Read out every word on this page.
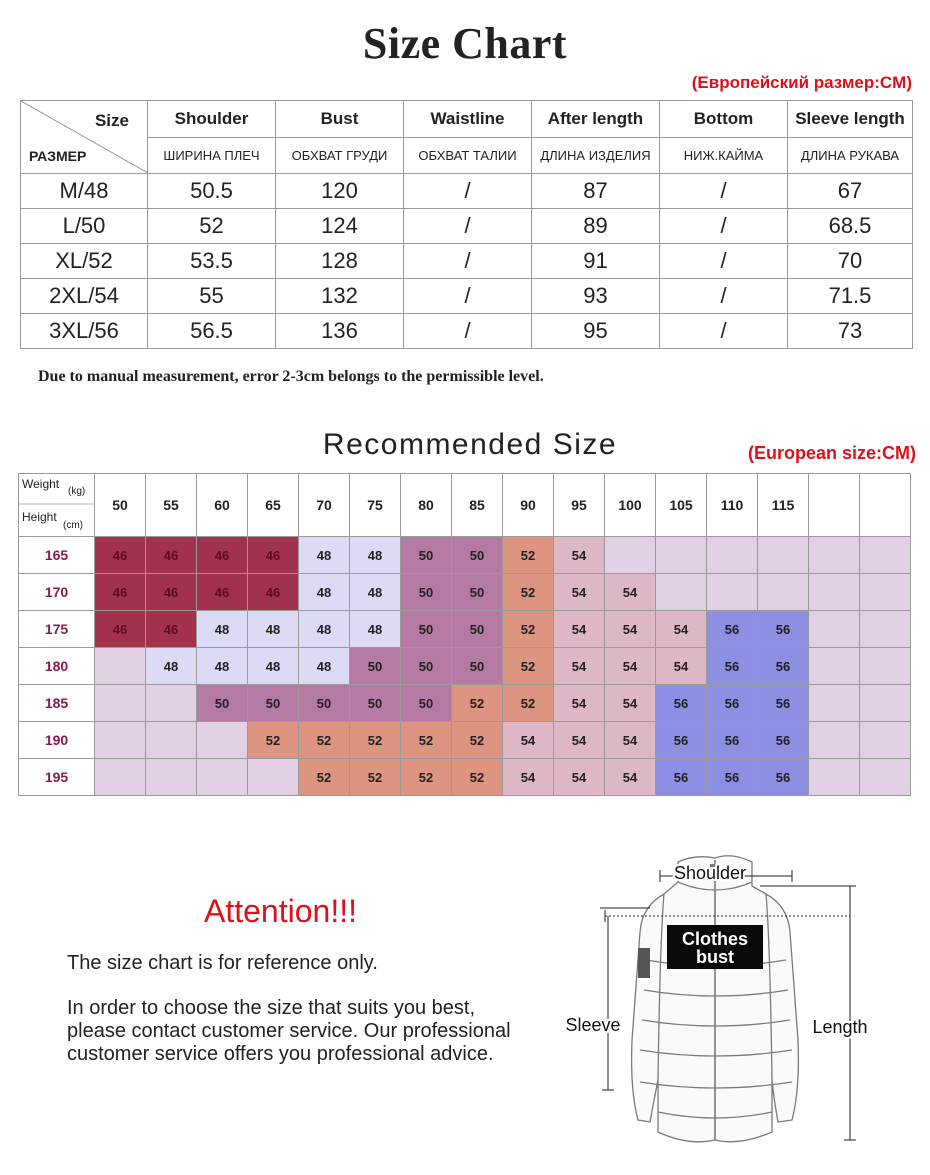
Size Chart
(Европейский размер:CM)
Size
РАЗМЕР	Shoulder	Bust	Waistline	After length	Bottom	Sleeve length
	ШИРИНА ПЛЕЧ	ОБХВАТ ГРУДИ	ОБХВАТ ТАЛИИ	ДЛИНА ИЗДЕЛИЯ	НИЖ.КАЙМА	ДЛИНА РУКАВА
M/48	50.5	120	/	87	/	67
L/50	52	124	/	89	/	68.5
XL/52	53.5	128	/	91	/	70
2XL/54	55	132	/	93	/	71.5
3XL/56	56.5	136	/	95	/	73
Due to manual measurement, error 2-3cm belongs to the permissible level.
Recommended Size	(European size:CM)
Weight
(kg)
Height
(cm)	50	55	60	65	70	75	80	85	90	95	100	105	110	115		
165	46	46	46	46	48	48	50	50	52	54						
170	46	46	46	46	48	48	50	50	52	54	54					
175	46	46	48	48	48	48	50	50	52	54	54	54	56	56		
180		48	48	48	48	50	50	50	52	54	54	54	56	56		
185			50	50	50	50	50	52	52	54	54	56	56	56		
190				52	52	52	52	52	54	54	54	56	56	56		
195					52	52	52	52	54	54	54	56	56	56		
Attention!!!
The size chart is for reference only.
In order to choose the size that suits you best, please contact customer service. Our professional customer service offers you professional advice.
Clothes
bust
Shoulder
Sleeve	Length
